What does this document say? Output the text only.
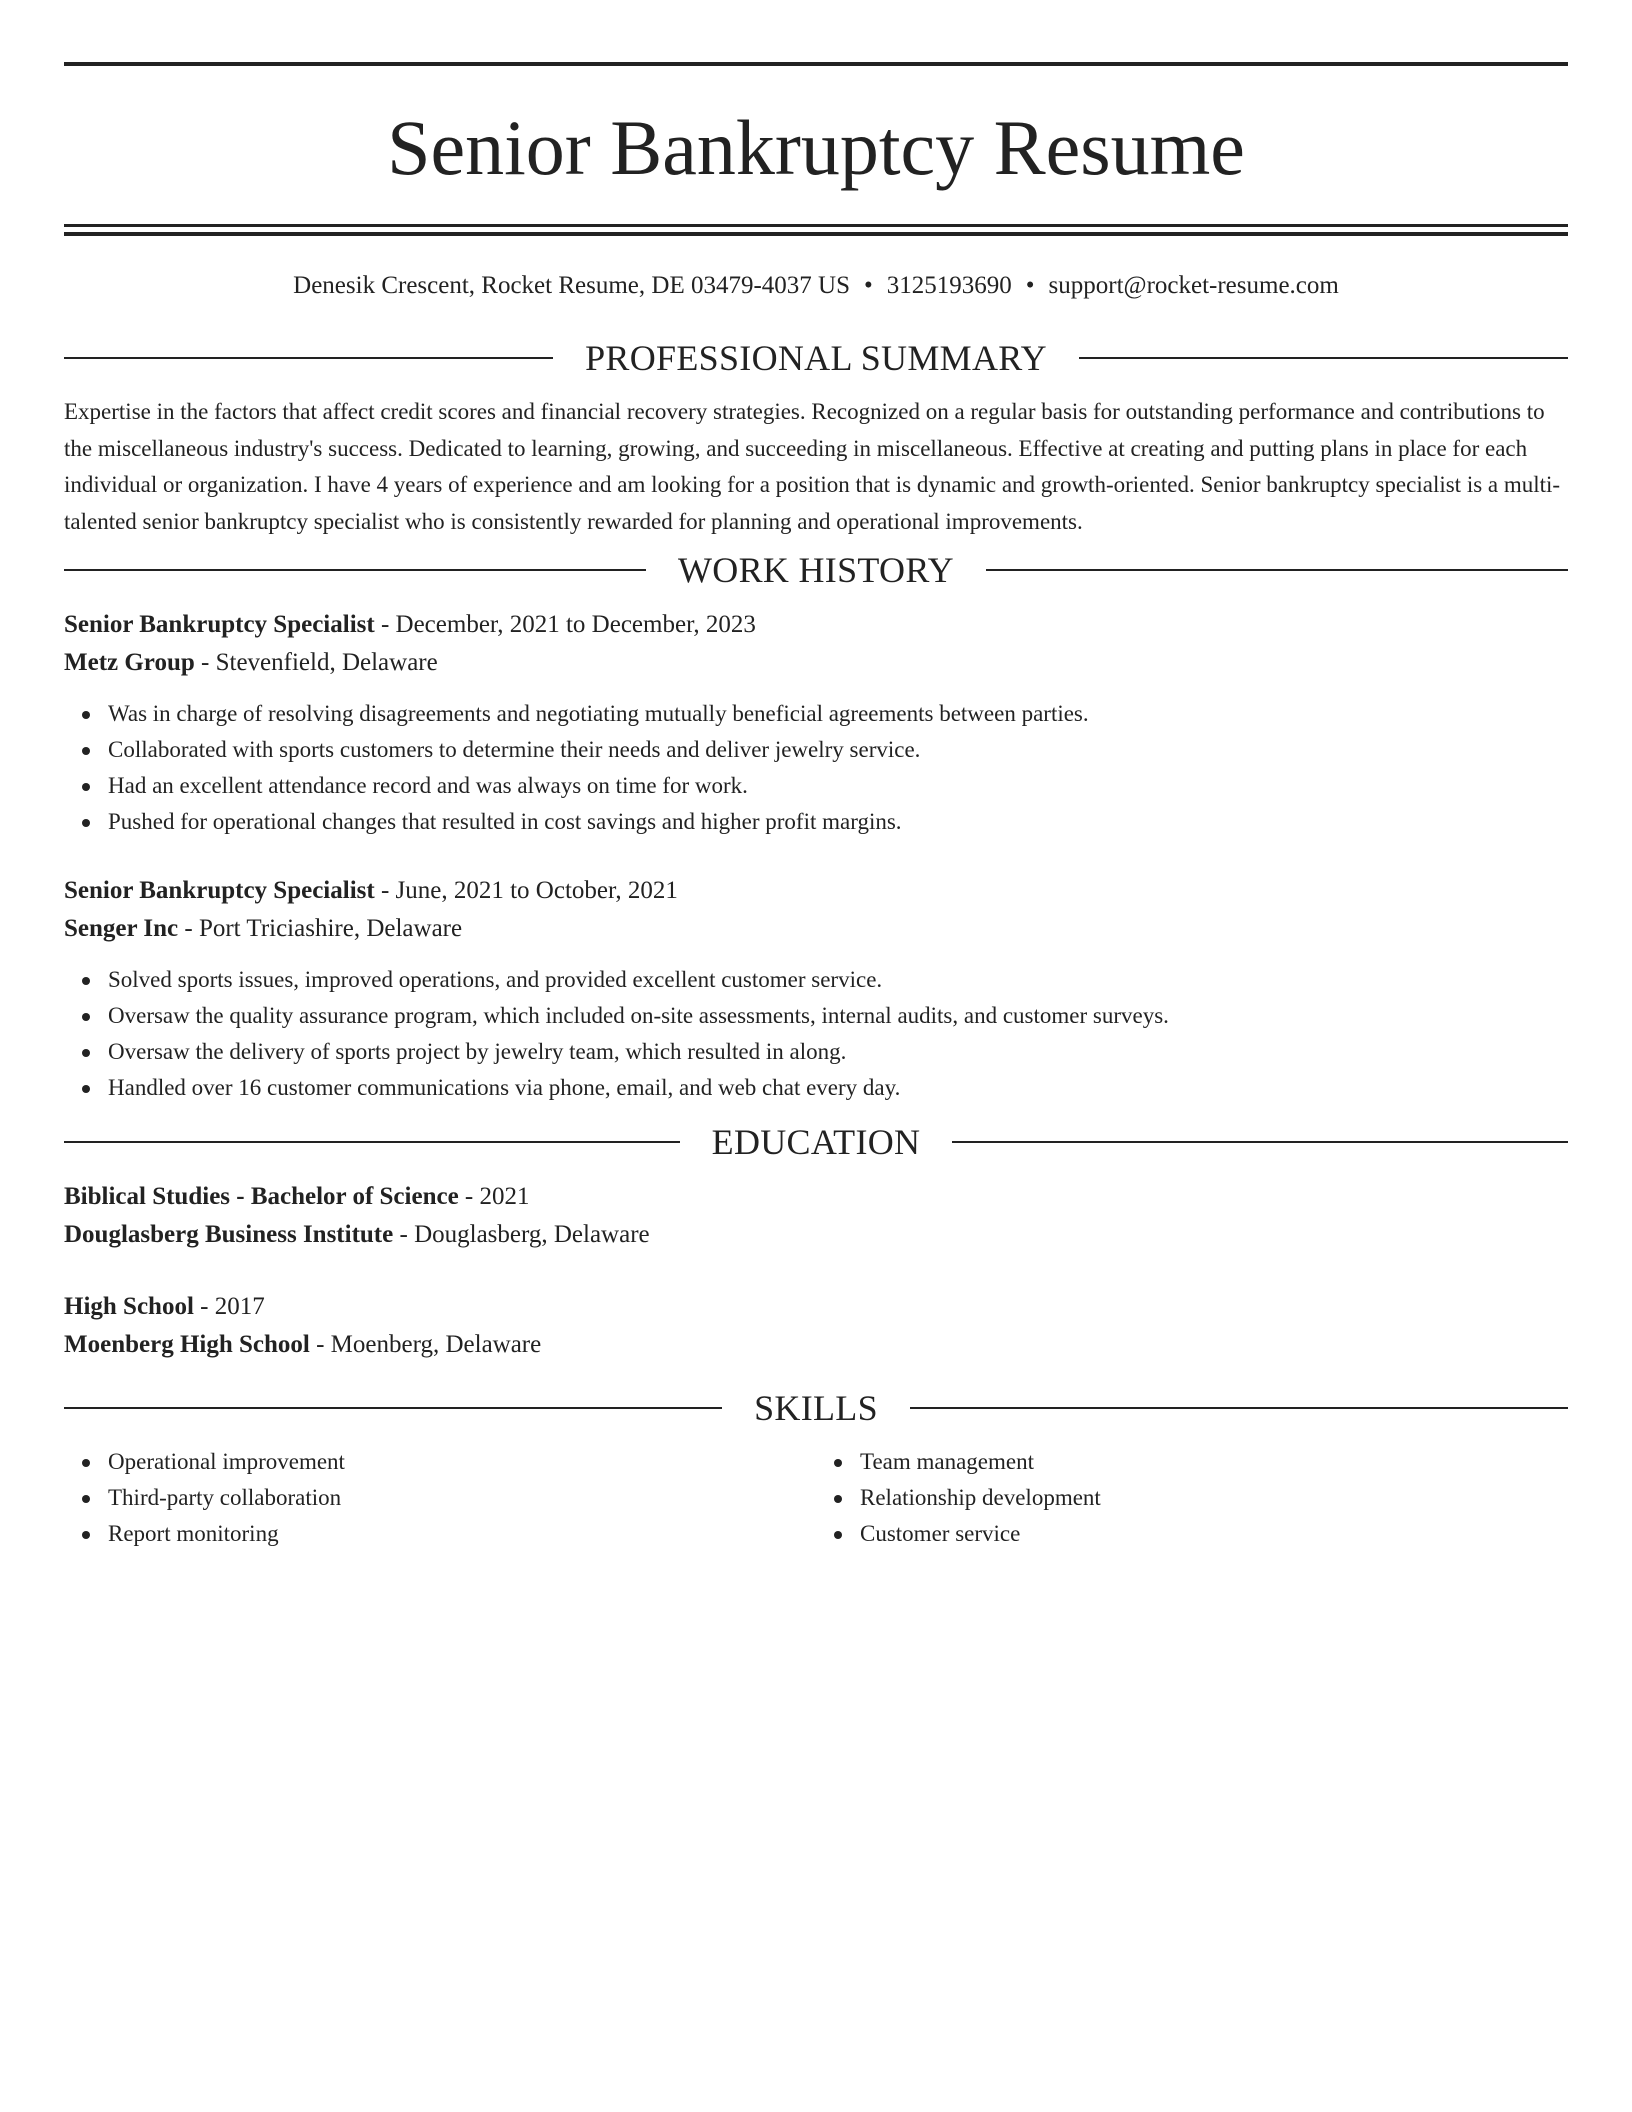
Senior Bankruptcy Resume
Denesik Crescent, Rocket Resume, DE 03479-4037 US • 3125193690 • support@rocket-resume.com
PROFESSIONAL SUMMARY

Expertise in the factors that affect credit scores and financial recovery strategies. Recognized on a regular basis for outstanding performance and contributions to the miscellaneous industry's success. Dedicated to learning, growing, and succeeding in miscellaneous. Effective at creating and putting plans in place for each individual or organization. I have 4 years of experience and am looking for a position that is dynamic and growth-oriented. Senior bankruptcy specialist is a multi-talented senior bankruptcy specialist who is consistently rewarded for planning and operational improvements.

WORK HISTORY
Senior Bankruptcy Specialist - December, 2021 to December, 2023
Metz Group - Stevenfield, Delaware
Was in charge of resolving disagreements and negotiating mutually beneficial agreements between parties.
Collaborated with sports customers to determine their needs and deliver jewelry service.
Had an excellent attendance record and was always on time for work.
Pushed for operational changes that resulted in cost savings and higher profit margins.
Senior Bankruptcy Specialist - June, 2021 to October, 2021
Senger Inc - Port Triciashire, Delaware
Solved sports issues, improved operations, and provided excellent customer service.
Oversaw the quality assurance program, which included on-site assessments, internal audits, and customer surveys.
Oversaw the delivery of sports project by jewelry team, which resulted in along.
Handled over 16 customer communications via phone, email, and web chat every day.
EDUCATION
Biblical Studies - Bachelor of Science - 2021
Douglasberg Business Institute - Douglasberg, Delaware
High School - 2017
Moenberg High School - Moenberg, Delaware
SKILLS
Operational improvement
Third-party collaboration
Report monitoring
Team management
Relationship development
Customer service
